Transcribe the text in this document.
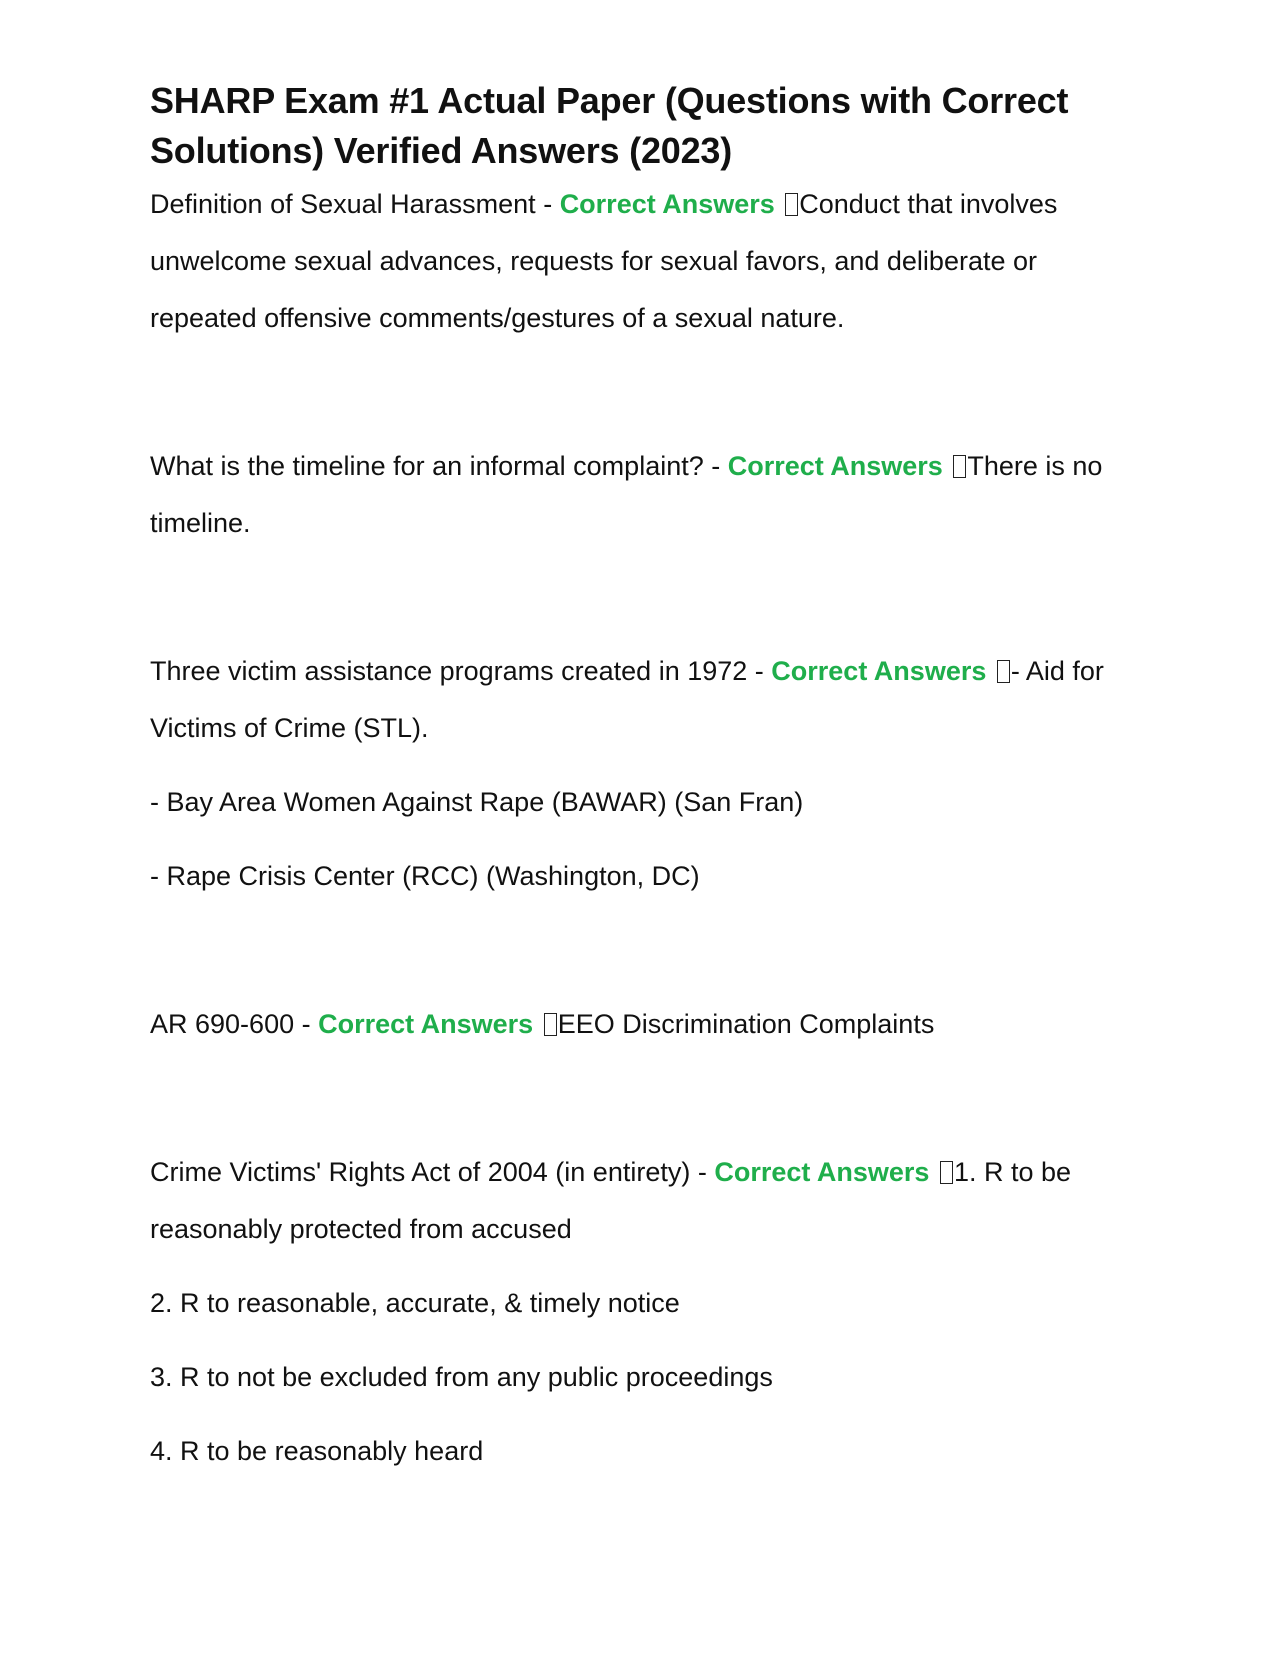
SHARP Exam #1 Actual Paper (Questions with Correct Solutions) Verified Answers (2023)

Definition of Sexual Harassment - Correct Answers Conduct that involves unwelcome sexual advances, requests for sexual favors, and deliberate or repeated offensive comments/gestures of a sexual nature.

What is the timeline for an informal complaint? - Correct Answers There is no timeline.

Three victim assistance programs created in 1972 - Correct Answers - Aid for Victims of Crime (STL).

- Bay Area Women Against Rape (BAWAR) (San Fran)

- Rape Crisis Center (RCC) (Washington, DC)

AR 690-600 - Correct Answers EEO Discrimination Complaints

Crime Victims' Rights Act of 2004 (in entirety) - Correct Answers 1. R to be reasonably protected from accused

2. R to reasonable, accurate, & timely notice

3. R to not be excluded from any public proceedings

4. R to be reasonably heard
